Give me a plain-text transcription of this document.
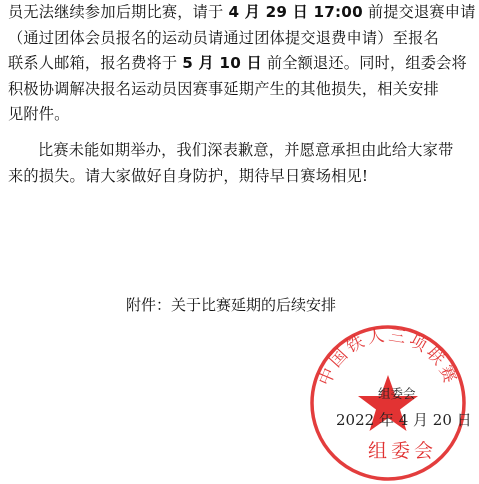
员无法继续参加后期比赛，请于 4 月 29 日 17:00 前提交退赛申请
（通过团体会员报名的运动员请通过团体提交退费申请）至报名
联系人邮箱，报名费将于 5 月 10 日 前全额退还。同时，组委会将
积极协调解决报名运动员因赛事延期产生的其他损失，相关安排
见附件。
比赛未能如期举办，我们深表歉意，并愿意承担由此给大家带
来的损失。请大家做好自身防护，期待早日赛场相见!
附件：关于比赛延期的后续安排
中国铁人三项联赛
组委会
2022 年 4 月 20 日
组委会
